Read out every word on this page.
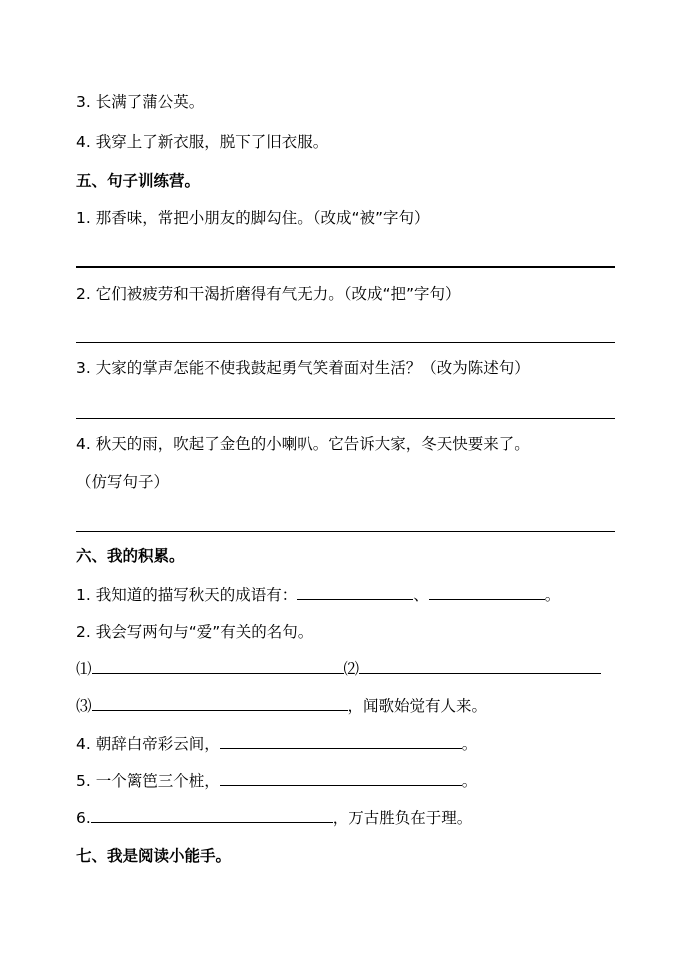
3. 长满了蒲公英。
4. 我穿上了新衣服，脱下了旧衣服。
五、句子训练营。
1. 那香味，常把小朋友的脚勾住。（改成“被”字句）
2. 它们被疲劳和干渴折磨得有气无力。（改成“把”字句）
3. 大家的掌声怎能不使我鼓起勇气笑着面对生活？（改为陈述句）
4. 秋天的雨，吹起了金色的小喇叭。它告诉大家，冬天快要来了。
（仿写句子）
六、我的积累。
1. 我知道的描写秋天的成语有：	、	。
2. 我会写两句与“爱”有关的名句。
⑴	⑵
⑶	，闻歌始觉有人来。
4. 朝辞白帝彩云间，	。
5. 一个篱笆三个桩，	。
6.	，万古胜负在于理。
七、我是阅读小能手。
